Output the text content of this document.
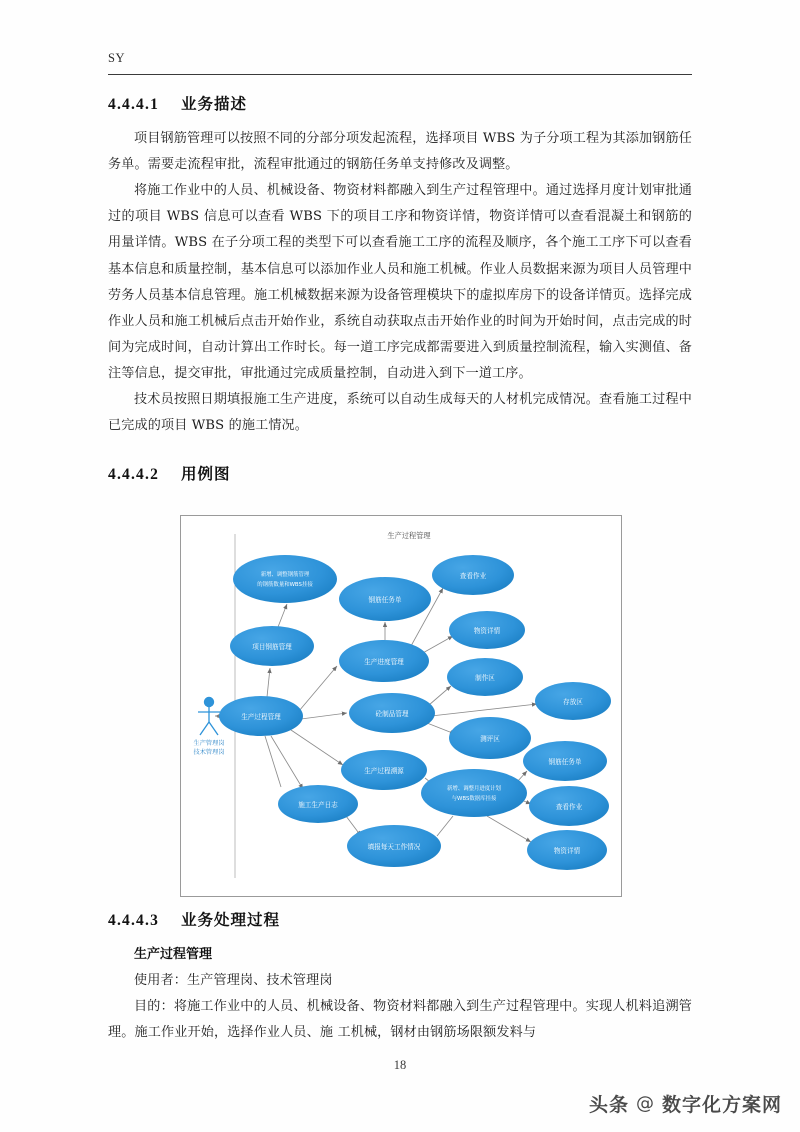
SY
4.4.4.1 业务描述
项目钢筋管理可以按照不同的分部分项发起流程，选择项目 WBS 为子分项工程为其添加钢筋任务单。需要走流程审批，流程审批通过的钢筋任务单支持修改及调整。
将施工作业中的人员、机械设备、物资材料都融入到生产过程管理中。通过选择月度计划审批通过的项目 WBS 信息可以查看 WBS 下的项目工序和物资详情，物资详情可以查看混凝土和钢筋的用量详情。WBS 在子分项工程的类型下可以查看施工工序的流程及顺序，各个施工工序下可以查看基本信息和质量控制，基本信息可以添加作业人员和施工机械。作业人员数据来源为项目人员管理中劳务人员基本信息管理。施工机械数据来源为设备管理模块下的虚拟库房下的设备详情页。选择完成作业人员和施工机械后点击开始作业，系统自动获取点击开始作业的时间为开始时间，点击完成的时间为完成时间，自动计算出工作时长。每一道工序完成都需要进入到质量控制流程，输入实测值、备注等信息，提交审批，审批通过完成质量控制，自动进入到下一道工序。
技术员按照日期填报施工生产进度，系统可以自动生成每天的人材机完成情况。查看施工过程中已完成的项目 WBS 的施工情况。
4.4.4.2 用例图
生产过程管理
生产管理岗
技术管理岗
新增、调整钢筋管理
的钢筋数量和WBS挂接
钢筋任务单
查看作业
物资详情
项目钢筋管理
生产进度管理
制作区
存放区
生产过程管理	砼制品管理
测评区
生产过程溯源
新增、调整月进度计划
与WBS数据库挂接
钢筋任务单
施工生产日志	查看作业
填报每天工作情况	物资详情
4.4.4.3 业务处理过程
生产过程管理
使用者：生产管理岗、技术管理岗
目的：将施工作业中的人员、机械设备、物资材料都融入到生产过程管理中。实现人机料追溯管理。施工作业开始，选择作业人员、施 工机械，钢材由钢筋场限额发料与
18
头条 @ 数字化方案网
